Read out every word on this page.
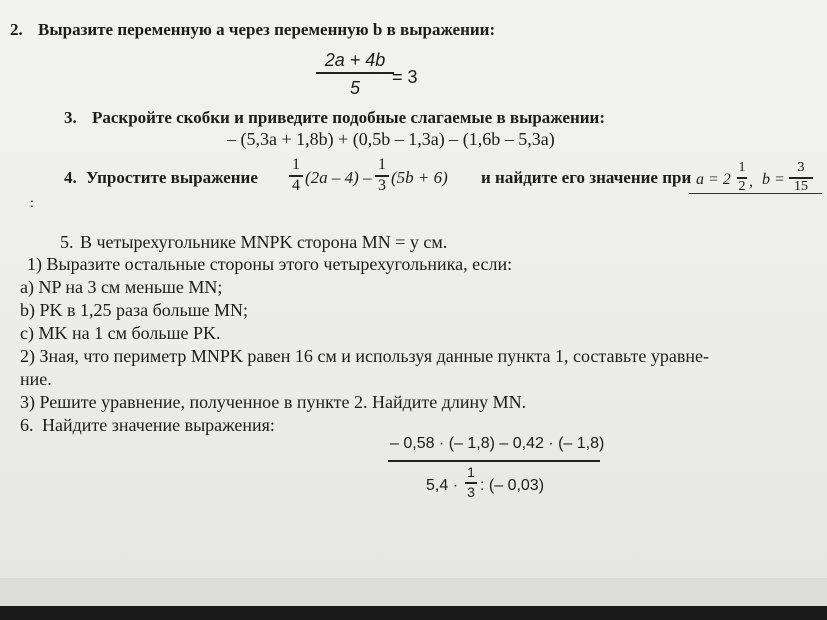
2. Выразите переменную а через переменную b в выражении:
2a + 4b
5
= 3
3. Раскройте скобки и приведите подобные слагаемые в выражении:
– (5,3a + 1,8b) + (0,5b – 1,3a) – (1,6b – 5,3a)
4. Упростите выражение
1
4 (2a – 4) –
1
3 (5b + 6) и найдите его значение при a = 2
1
2 , b =
3
15
:
5. В четырехугольнике MNPK сторона MN = y см.
1) Выразите остальные стороны этого четырехугольника, если:
а) NP на 3 см меньше MN;
b) PK в 1,25 раза больше MN;
c) MK на 1 см больше PK.
2) Зная, что периметр MNPK равен 16 см и используя данные пункта 1, составьте уравне-
ние.
3) Решите уравнение, полученное в пункте 2. Найдите длину MN.
6. Найдите значение выражения:
– 0,58 · (– 1,8) – 0,42 · (– 1,8)
5,4 ·
1
3 : (– 0,03)
